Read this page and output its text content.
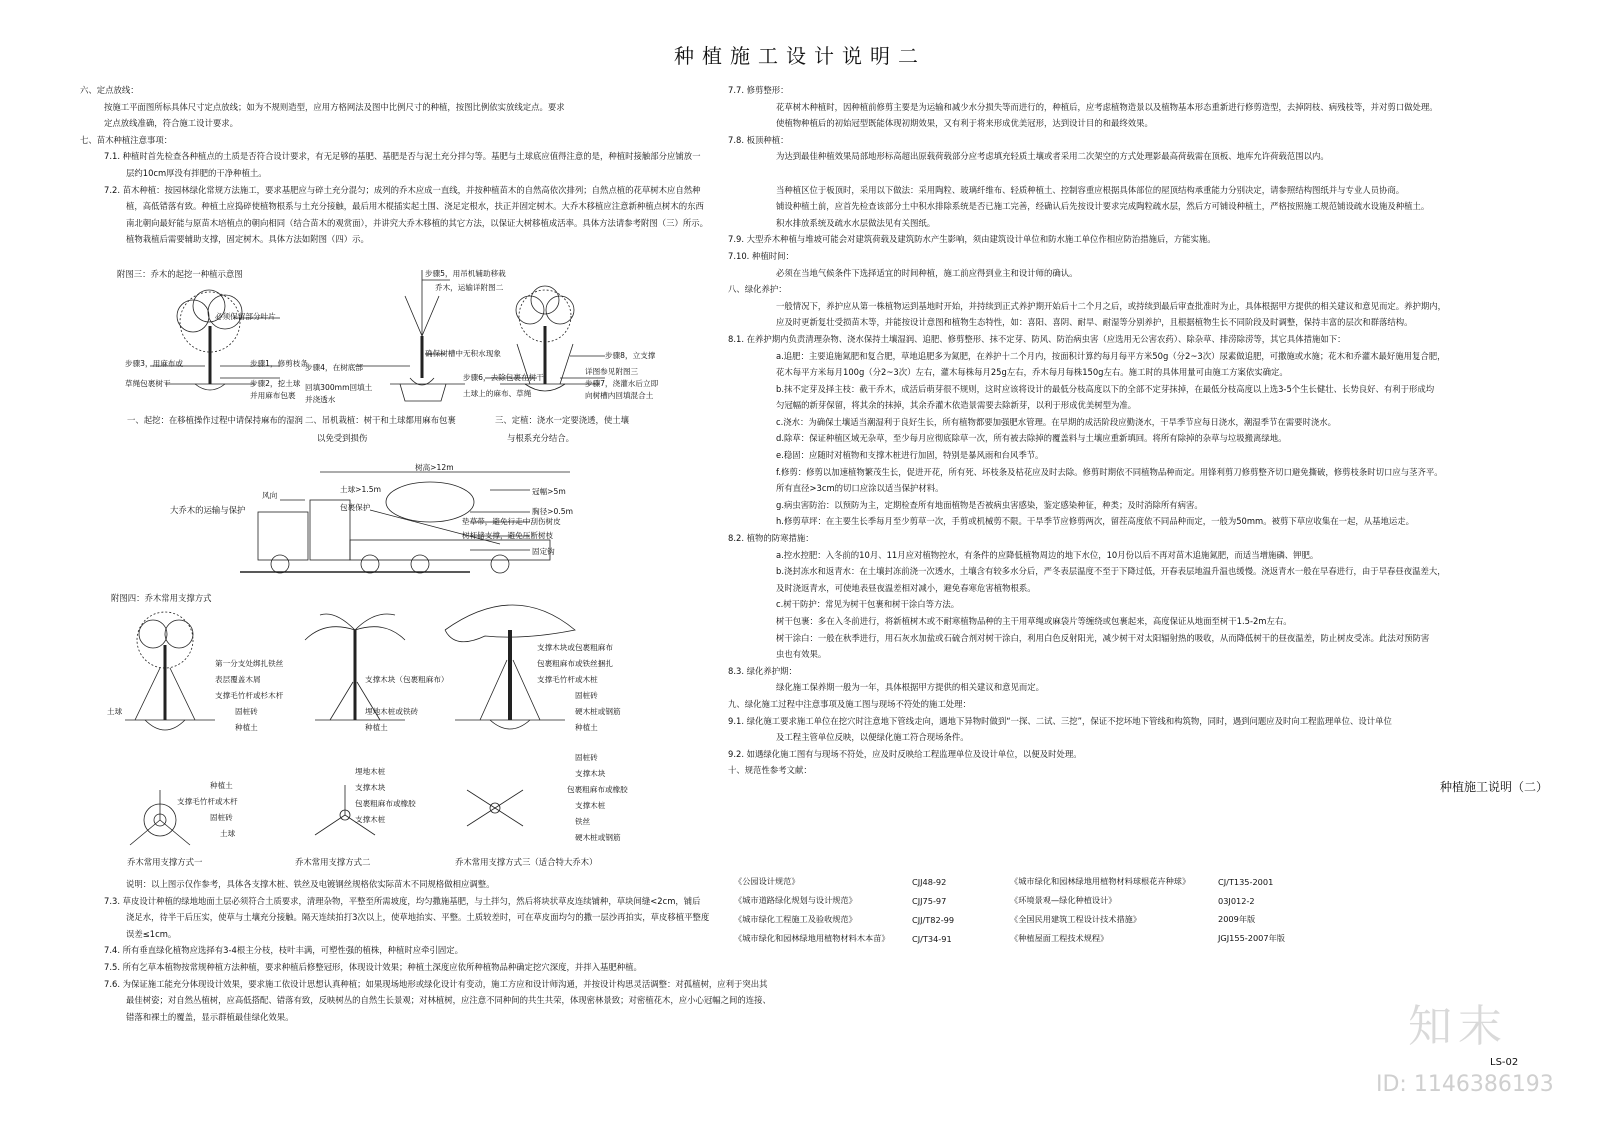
种植施工设计说明二

六、定点放线：

按施工平面图所标具体尺寸定点放线；如为不规则造型，应用方格网法及图中比例尺寸的种植，按图比例依实放线定点。要求

定点放线准确，符合施工设计要求。

七、苗木种植注意事项：

7.1. 种植时首先检查各种植点的土质是否符合设计要求，有无足够的基肥、基肥是否与泥土充分拌匀等。基肥与土球底应值得注意的是，种植时接触部分应铺放一

层约10cm厚没有拌肥的干净种植土。

7.2. 苗木种植：按园林绿化常规方法施工，要求基肥应与碎土充分混匀；成列的乔木应成一直线，并按种植苗木的自然高依次排列；自然点植的花草树木应自然种

植，高低错落有致。种植土应捣碎使植物根系与土充分接触，最后用木棍插实起土围、浇足定根水，扶正并固定树木。大乔木移植应注意新种植点树木的东西

南北朝向最好能与原苗木培植点的朝向相同（结合苗木的观赏面），并讲究大乔木移植的其它方法，以保证大树移植成活率。具体方法请参考附图（三）所示。

植物栽植后需要辅助支撑，固定树木。具体方法如附图（四）示。

附图三：乔木的起挖一种植示意图
必须保留部分叶片
步骤3，用麻布或
草绳包裹树干
步骤1，修剪枝条
步骤2，挖土球
并用麻布包裹
步骤5，用吊机辅助移栽
乔木，运输详附图二
确保树槽中无积水现象
步骤4，在树底部
回填300mm回填土
并浇透水
步骤6，去除包裹在树干
土球上的麻布、草绳
步骤8，立支撑
详图参见附图三
步骤7，浇灌水后立即
向树槽内回填混合土
一、起挖：在移植操作过程中请保持麻布的湿润 二、吊机栽植：树干和土球都用麻布包裹
以免受到损伤
三、定植：浇水一定要浇透，使土壤
与根系充分结合。
大乔木的运输与保护
风向
树高>12m
土球>1.5m
包裹保护
冠幅>5m
胸径>0.5m
垫草带，避免行走中刮伤树皮
树杆储支撑，避免压断树枝
固定钩
附图四：乔木常用支撑方式
第一分支处绑扎铁丝
表层覆盖木屑
支撑毛竹杆或杉木杆
固桩砖
种植土
土球
支撑木块（包裹粗麻布）
埋地木桩或铁砖
种植土
支撑木块或包裹粗麻布
包裹粗麻布或铁丝捆扎
支撑毛竹杆或木桩
固桩砖
硬木桩或钢筋
种植土
种植土
支撑毛竹杆或木杆
固桩砖
土球
埋地木桩
支撑木块
包裹粗麻布或橡胶
支撑木桩
固桩砖
支撑木块
包裹粗麻布或橡胶
支撑木桩
铁丝
硬木桩或钢筋
乔木常用支撑方式一	乔木常用支撑方式二	乔木常用支撑方式三（适合特大乔木）

说明：以上图示仅作参考，具体各支撑木桩、铁丝及电镀钢丝规格依实际苗木不同规格做相应调整。

7.3. 草皮设计种植的绿地地面土层必须符合土质要求，清理杂物，平整至所需坡度，均匀撒施基肥，与土拌匀，然后将块状草皮连续铺种，草块间缝<2cm，铺后

浇足水，待半干后压实，使草与土壤充分接触。隔天连续拍打3次以上，使草地抬实、平整。土质较差时，可在草皮面均匀的撒一层沙再拍实，草皮移植平整度

误差≤1cm。

7.4. 所有垂直绿化植物应选择有3-4根主分枝，枝叶丰满，可塑性强的植株，种植时应牵引固定。

7.5. 所有乞草本植物按常规种植方法种植，要求种植后修整冠形，体现设计效果；种植土深度应依所种植物品种确定挖穴深度，并拌入基肥种植。

7.6. 为保证施工能充分体现设计效果，要求施工依设计思想认真种植；如果现场地形或绿化设计有变动，施工方应和设计师沟通，并按设计构思灵活调整：对孤植树，应利于突出其

最佳树姿；对自然丛植树，应高低搭配、错落有致，反映树丛的自然生长景观；对林植树，应注意不同种间的共生共荣，体现密林景致；对密植花木，应小心冠幅之间的连接、

错落和裸土的覆盖，显示群植最佳绿化效果。

7.7. 修剪整形：

花草树木种植时，因种植前修剪主要是为运输和减少水分损失等而进行的，种植后，应考虑植物造景以及植物基本形态重新进行修剪造型，去掉阴枝、病残枝等，并对剪口做处理。

使植物种植后的初始冠型既能体现初期效果，又有利于将来形成优美冠形，达到设计目的和最终效果。

7.8. 板顶种植：

为达到最佳种植效果局部地形标高超出原载荷载部分应考虑填充轻质土壤或者采用二次架空的方式处理影最高荷载需在顶板、地库允许荷载范围以内。

当种植区位于板顶时，采用以下做法：采用陶粒、玻璃纤维布、轻质种植土、控制容重应根据具体部位的屋顶结构承重能力分别决定，请参照结构图纸并与专业人员协商。

铺设种植土前，应首先检查该部分土中积水排除系统是否已施工完善，经确认后先按设计要求完成陶粒疏水层，然后方可铺设种植土，严格按照施工规范铺设疏水设施及种植土。

积水排放系统及疏水水层做法见有关图纸。

7.9. 大型乔木种植与堆坡可能会对建筑荷载及建筑防水产生影响，须由建筑设计单位和防水施工单位作相应防治措施后，方能实施。

7.10. 种植时间：

必须在当地气候条件下选择适宜的时间种植，施工前应得到业主和设计师的确认。

八、绿化养护：

一般情况下，养护应从第一株植物运到基地时开始，并持续到正式养护期开始后十二个月之后，或持续到最后审查批准时为止，具体根据甲方提供的相关建议和意见而定。养护期内，

应及时更新复壮受损苗木等，并能按设计意图和植物生态特性，如：喜阳、喜阴、耐旱、耐湿等分别养护，且根据植物生长不同阶段及时调整，保持丰富的层次和群落结构。

8.1. 在养护期内负责清理杂物、浇水保持土壤湿润、追肥、修剪整形、抹不定芽、防风、防治病虫害（应选用无公害农药）、除杂草、排涝除涝等，其它具体措施如下：

a.追肥：主要追施氮肥和复合肥，草地追肥多为氮肥，在养护十二个月内，按面积计算约每月每平方米50g（分2~3次）尿素做追肥，可撒施或水施；花木和乔灌木最好施用复合肥，

花木每平方米每月100g（分2~3次）左右，灌木每株每月25g左右，乔木每月每株150g左右。施工时的具体用量可由施工方案依实确定。

b.抹不定芽及择主枝：截干乔木，成活后萌芽很不规则，这时应该将设计的最低分枝高度以下的全部不定芽抹掉，在最低分枝高度以上选3-5个生长健壮、长势良好、有利于形成均

匀冠幅的新芽保留，将其余的抹掉，其余乔灌木依造景需要去除新芽，以利于形成优美树型为准。

c.浇水：为确保土壤适当潮湿利于良好生长，所有植物都要加强肥水管理。在早期的成活阶段应勤浇水，干旱季节应每日浇水，潮湿季节在需要时浇水。

d.除草：保证种植区域无杂草，至少每月应彻底除草一次，所有被去除掉的覆盖料与土壤应重新填回。将所有除掉的杂草与垃圾搬离绿地。

e.稳固：应随时对植物和支撑木桩进行加固，特别是暴风雨和台风季节。

f.修剪：修剪以加速植物繁茂生长，促进开花，所有死、坏枝条及枯花应及时去除。修剪时期依不同植物品种而定。用锋利剪刀修剪整齐切口避免撕破，修剪枝条时切口应与茎齐平。

所有直径>3cm的切口应涂以适当保护材料。

g.病虫害防治：以预防为主，定期检查所有地面植物是否被病虫害感染，鉴定感染种征，种类；及时消除所有病害。

h.修剪草坪：在主要生长季每月至少剪草一次，手剪或机械剪不限。干旱季节应修剪两次，留茬高度依不同品种而定，一般为50mm。被剪下草应收集在一起，从基地运走。

8.2. 植物的防寒措施：

a.控水控肥：入冬前的10月、11月应对植物控水，有条件的应降低植物周边的地下水位，10月份以后不再对苗木追施氮肥，而适当增施磷、钾肥。

b.浇封冻水和返青水：在土壤封冻前浇一次透水，土壤含有较多水分后，严冬表层温度不至于下降过低，开春表层地温升温也缓慢。浇返青水一般在早春进行，由于早春昼夜温差大，

及时浇返青水，可使地表昼夜温差相对减小，避免春寒危害植物根系。

c.树干防护：常见为树干包裹和树干涂白等方法。

树干包裹：多在入冬前进行，将新植树木或不耐寒植物品种的主干用草绳或麻袋片等缠绕或包裹起来，高度保证从地面至树干1.5-2m左右。

树干涂白：一般在秋季进行，用石灰水加盐或石硫合剂对树干涂白，利用白色反射阳光，减少树干对太阳辐射热的吸收，从而降低树干的昼夜温差，防止树皮受冻。此法对预防害

虫也有效果。

8.3. 绿化养护期：

绿化施工保养期一般为一年，具体根据甲方提供的相关建议和意见而定。

九、绿化施工过程中注意事项及施工图与现场不符处的施工处理：

9.1. 绿化施工要求施工单位在挖穴时注意地下管线走向，遇地下异物时做到“一探、二试、三挖”，保证不挖坏地下管线和构筑物，同时，遇到问题应及时向工程监理单位、设计单位

及工程主管单位反映，以便绿化施工符合现场条件。

9.2. 如遇绿化施工图有与现场不符处，应及时反映给工程监理单位及设计单位，以便及时处理。

十、规范性参考文献：

《公园设计规范》	CJJ48-92	《城市绿化和园林绿地用植物材料球根花卉种球》	CJ/T135-2001
《城市道路绿化规划与设计规范》	CJJ75-97	《环境景观—绿化种植设计》	03J012-2
《城市绿化工程施工及验收规范》	CJJ/T82-99	《全国民用建筑工程设计技术措施》	2009年版
《城市绿化和园林绿地用植物材料木本苗》	CJ/T34-91	《种植屋面工程技术规程》	JGJ155-2007年版
种植施工说明（二）
知末
LS-02
ID: 1146386193
